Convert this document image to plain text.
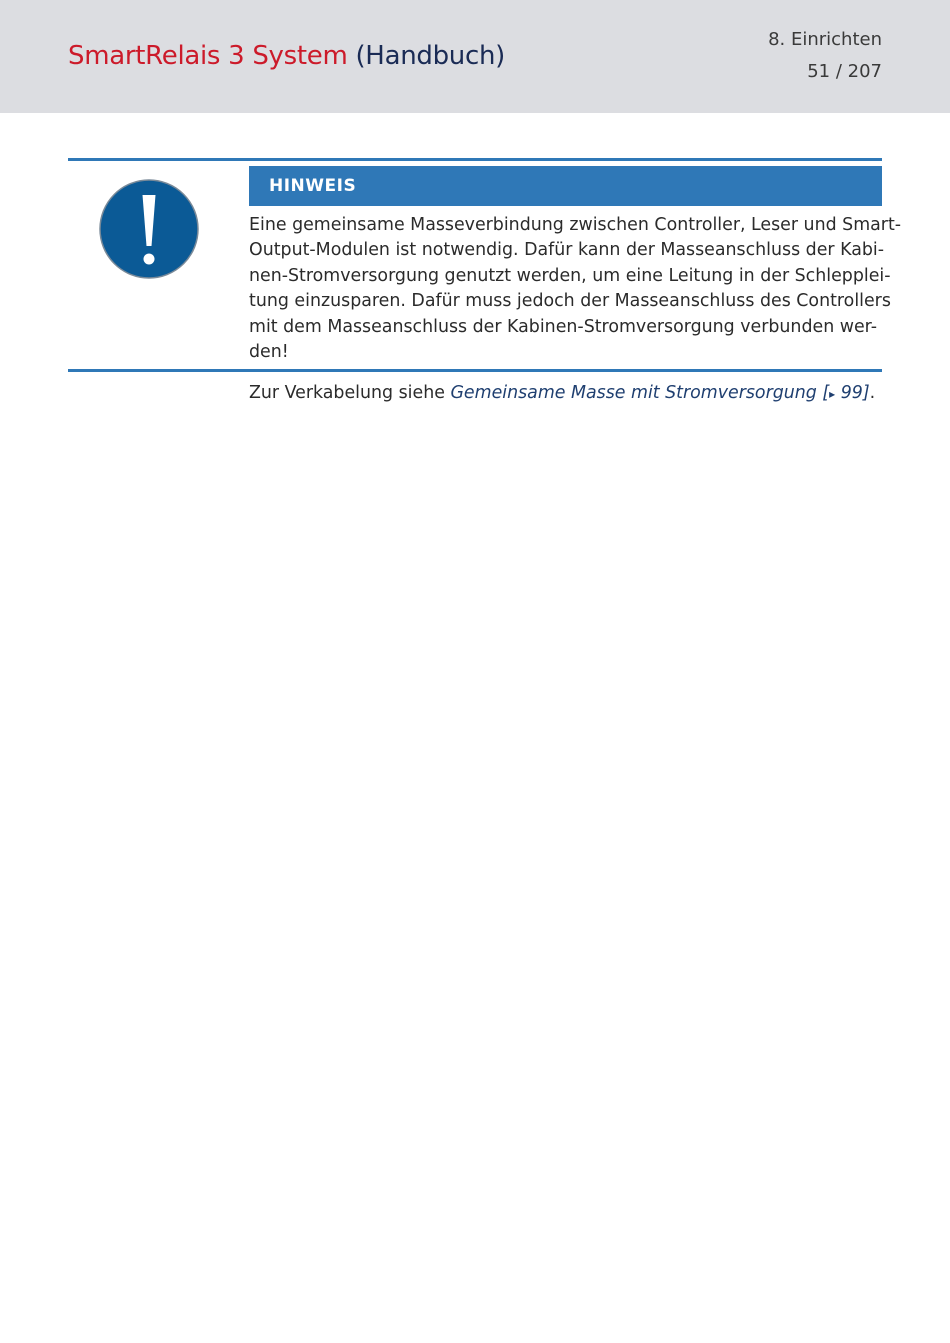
SmartRelais 3 System (Handbuch)
8. Einrichten
51 / 207
HINWEIS
Eine gemeinsame Masseverbindung zwischen Controller, Leser und Smart-
Output-Modulen ist notwendig. Dafür kann der Masseanschluss der Kabi-
nen-Stromversorgung genutzt werden, um eine Leitung in der Schlepplei-
tung einzusparen. Dafür muss jedoch der Masseanschluss des Controllers
mit dem Masseanschluss der Kabinen-Stromversorgung verbunden wer-
den!
Zur Verkabelung siehe Gemeinsame Masse mit Stromversorgung [▸ 99].
